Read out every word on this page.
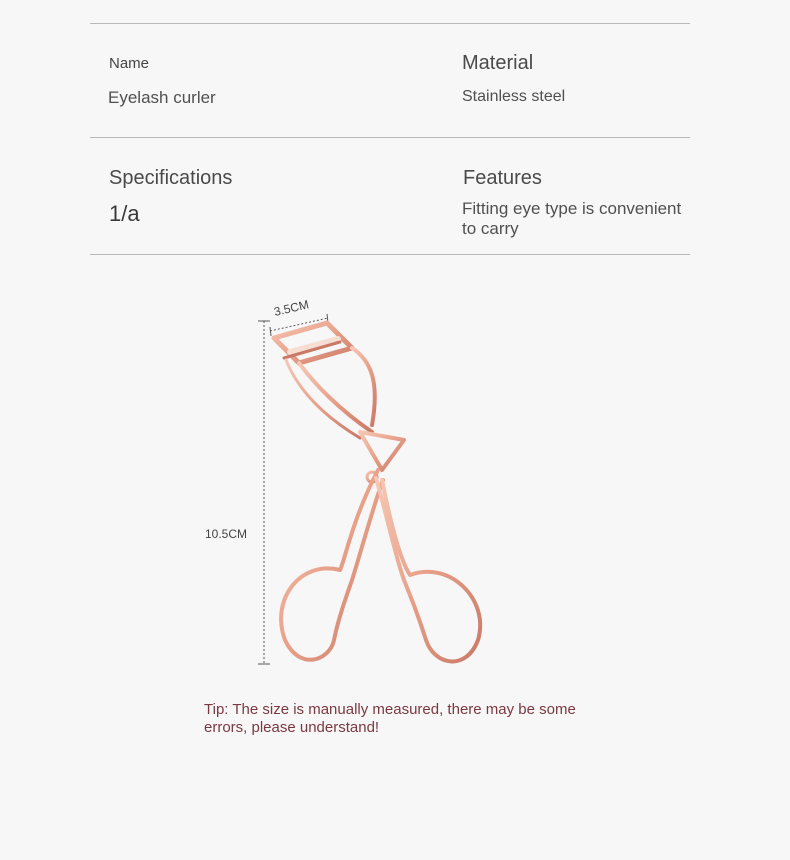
Name
Eyelash curler
Material
Stainless steel
Specifications
1/a
Features
Fitting eye type is convenient to carry
3.5CM
10.5CM
Tip: The size is manually measured, there may be some errors, please understand!
